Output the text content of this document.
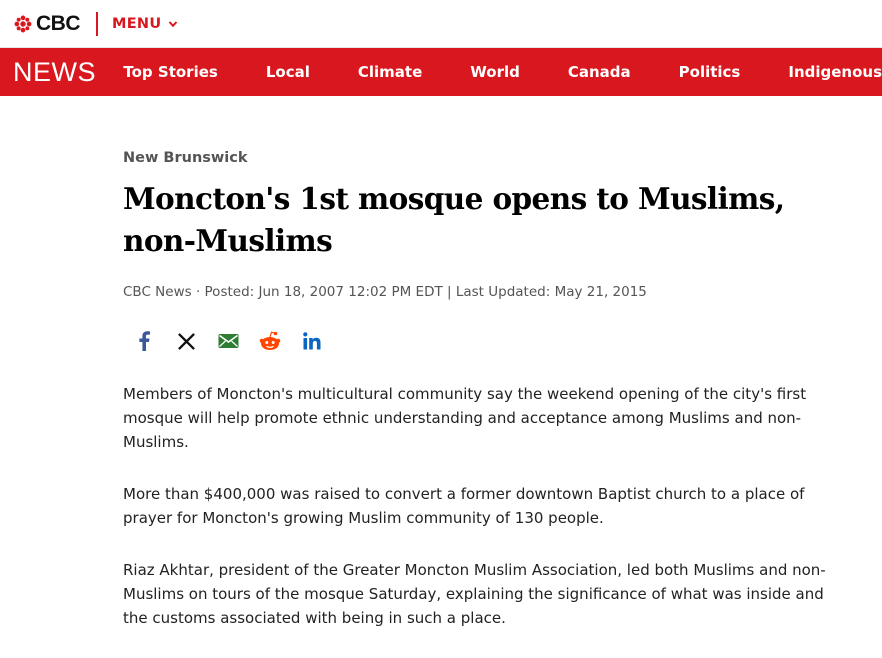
CBC MENU
NEWS Top Stories	Local	Climate	World	Canada	Politics	Indigenous

New Brunswick

Moncton's 1st mosque opens to Muslims, non-Muslims
CBC News · Posted: Jun 18, 2007 12:02 PM EDT | Last Updated: May 21, 2015

Members of Moncton's multicultural community say the weekend opening of the city's first mosque will help promote ethnic understanding and acceptance among Muslims and non-Muslims.

More than $400,000 was raised to convert a former downtown Baptist church to a place of prayer for Moncton's growing Muslim community of 130 people.

Riaz Akhtar, president of the Greater Moncton Muslim Association, led both Muslims and non-Muslims on tours of the mosque Saturday, explaining the significance of what was inside and the customs associated with being in such a place.
